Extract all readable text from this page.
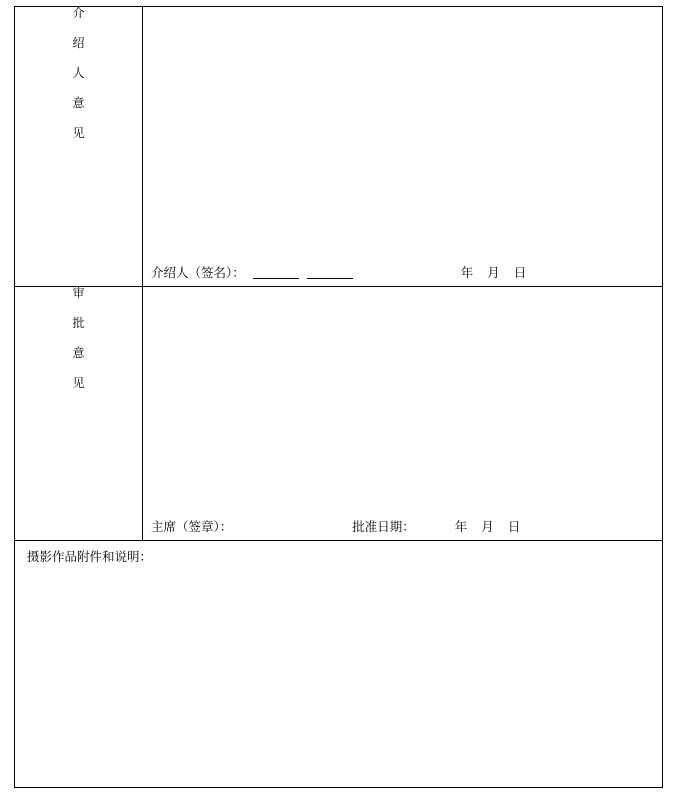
介
绍
人
意
见	介绍人（签名）： 年 月 日

审
批
意
见	主席（签章）： 批准日期： 年 月 日

摄影作品附件和说明：	
